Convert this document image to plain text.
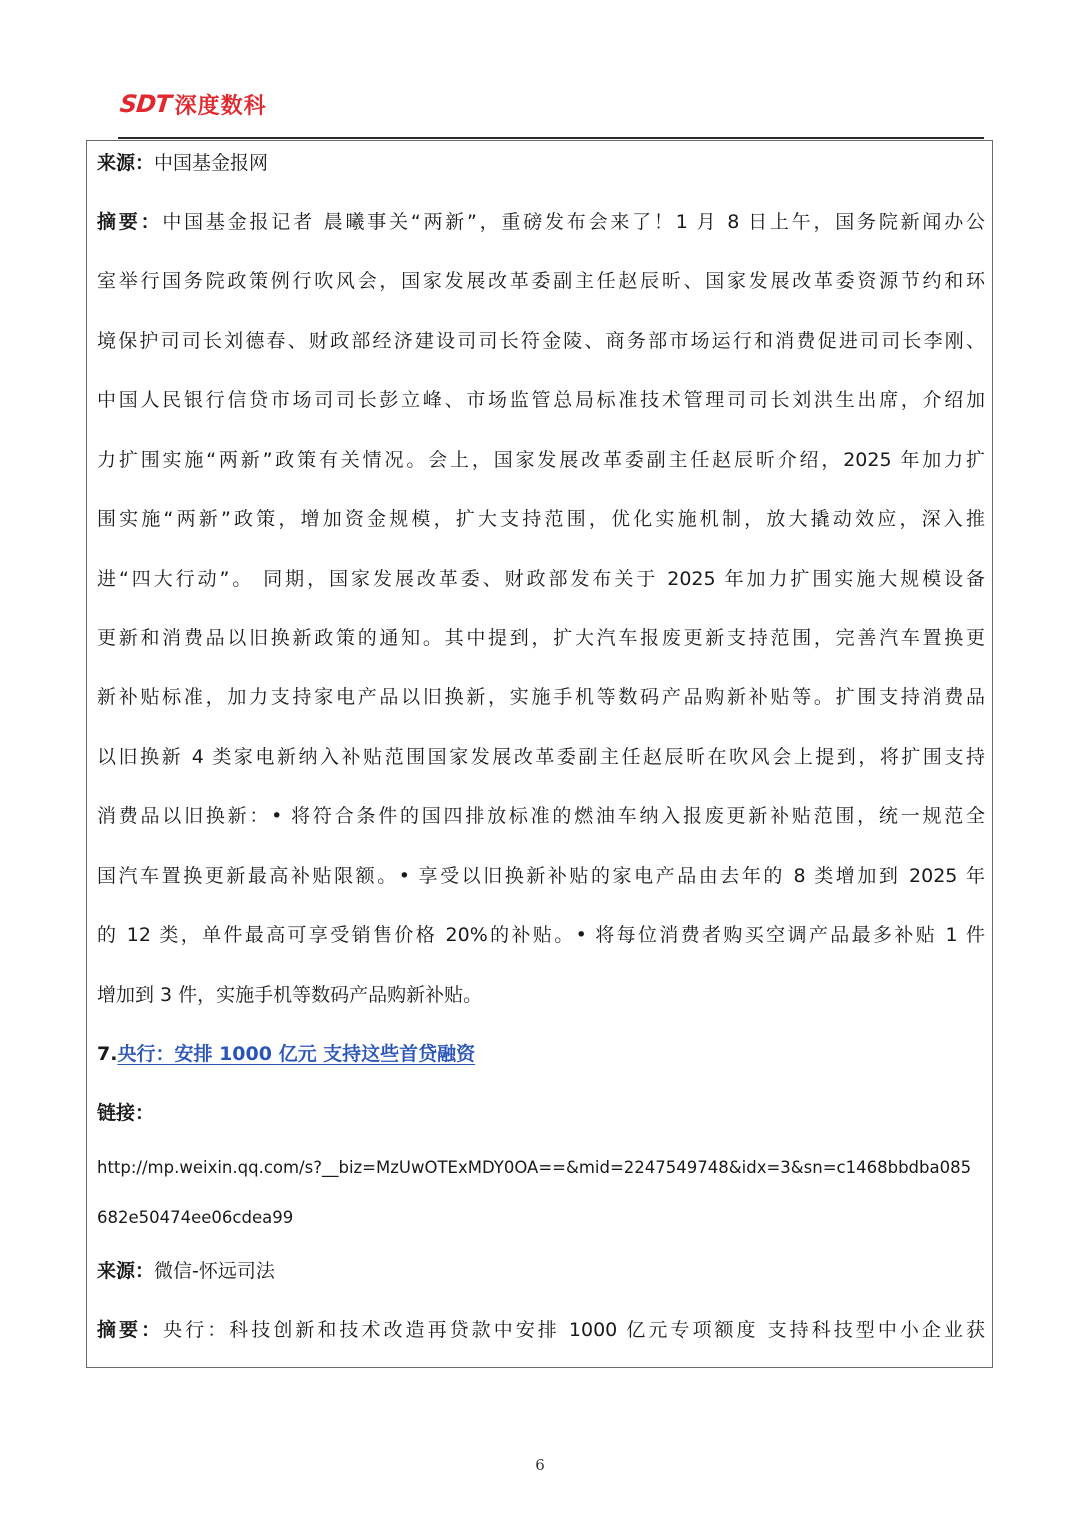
SDT 深度数科
来源：中国基金报网
摘要：中国基金报记者 晨曦事关“两新”，重磅发布会来了！1 月 8 日上午，国务院新闻办公
室举行国务院政策例行吹风会，国家发展改革委副主任赵辰昕、国家发展改革委资源节约和环
境保护司司长刘德春、财政部经济建设司司长符金陵、商务部市场运行和消费促进司司长李刚、
中国人民银行信贷市场司司长彭立峰、市场监管总局标准技术管理司司长刘洪生出席，介绍加
力扩围实施“两新”政策有关情况。会上，国家发展改革委副主任赵辰昕介绍，2025 年加力扩
围实施“两新”政策，增加资金规模，扩大支持范围，优化实施机制，放大撬动效应，深入推
进“四大行动”。 同期，国家发展改革委、财政部发布关于 2025 年加力扩围实施大规模设备
更新和消费品以旧换新政策的通知。其中提到，扩大汽车报废更新支持范围，完善汽车置换更
新补贴标准，加力支持家电产品以旧换新，实施手机等数码产品购新补贴等。扩围支持消费品
以旧换新 4 类家电新纳入补贴范围国家发展改革委副主任赵辰昕在吹风会上提到，将扩围支持
消费品以旧换新：• 将符合条件的国四排放标准的燃油车纳入报废更新补贴范围，统一规范全
国汽车置换更新最高补贴限额。• 享受以旧换新补贴的家电产品由去年的 8 类增加到 2025 年
的 12 类，单件最高可享受销售价格 20%的补贴。• 将每位消费者购买空调产品最多补贴 1 件
增加到 3 件，实施手机等数码产品购新补贴。
7.央行：安排 1000 亿元 支持这些首贷融资
链接：
http://mp.weixin.qq.com/s?__biz=MzUwOTExMDY0OA==&mid=2247549748&idx=3&sn=c1468bbdba085
682e50474ee06cdea99
来源：微信-怀远司法
摘要：央行：科技创新和技术改造再贷款中安排 1000 亿元专项额度 支持科技型中小企业获
6
